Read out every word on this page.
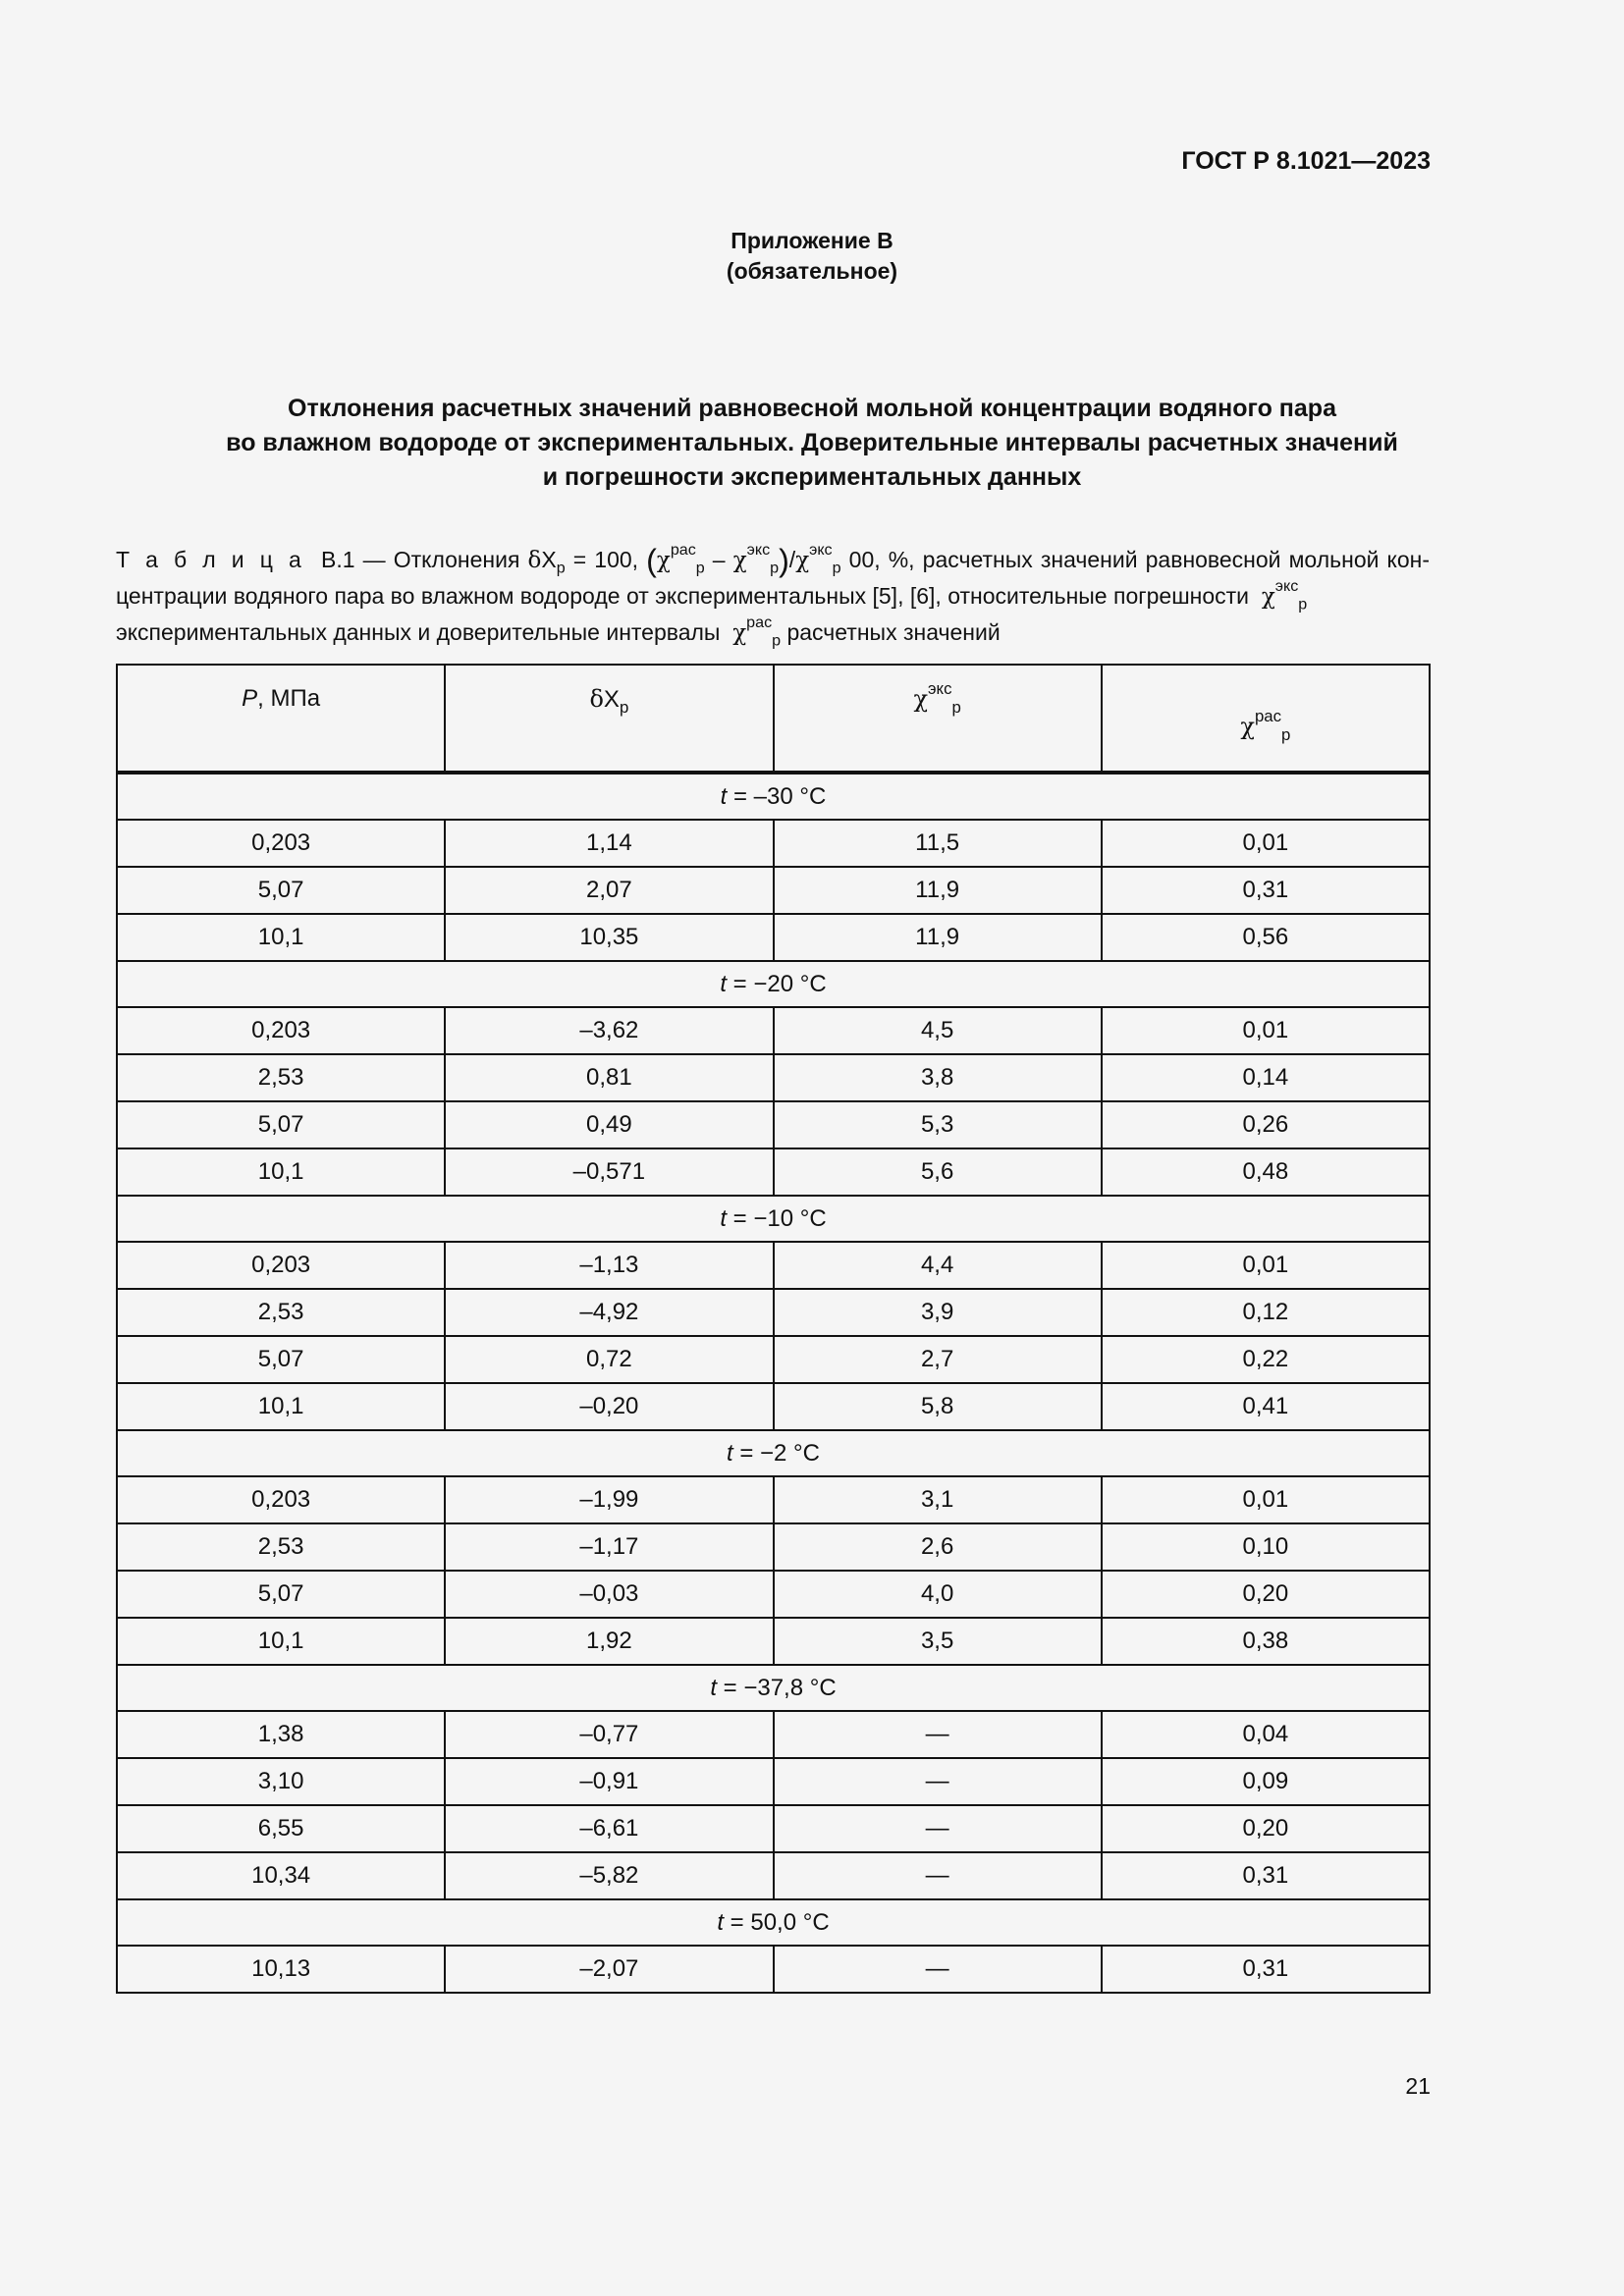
ГОСТ Р 8.1021—2023
Приложение В
(обязательное)
Отклонения расчетных значений равновесной мольной концентрации водяного пара
во влажном водороде от экспериментальных. Доверительные интервалы расчетных значений
и погрешности экспериментальных данных
Т а б л и ц а В.1 — Отклонения $\delta X_p = 100$, $(\chi^{рас}_р - \chi^{экс}_р)/\chi^{экс}_р$ 00, %, расчетных значений равновесной мольной кон-
центрации водяного пара во влажном водороде от экспериментальных [5], [6], относительные погрешности $\chi^{экс}_р$
экспериментальных данных и доверительные интервалы $\chi^{рас}_р$ расчетных значений
P, МПа	$\delta X_p$	$\chi^{экс}_р$	$\chi^{рас}_р$

t = –30 °C			
0,203	1,14	11,5	0,01
5,07	2,07	11,9	0,31
10,1	10,35	11,9	0,56
t = −20 °C			
0,203	–3,62	4,5	0,01
2,53	0,81	3,8	0,14
5,07	0,49	5,3	0,26
10,1	–0,571	5,6	0,48
t = −10 °C			
0,203	–1,13	4,4	0,01
2,53	–4,92	3,9	0,12
5,07	0,72	2,7	0,22
10,1	–0,20	5,8	0,41
t = −2 °C			
0,203	–1,99	3,1	0,01
2,53	–1,17	2,6	0,10
5,07	–0,03	4,0	0,20
10,1	1,92	3,5	0,38
t = −37,8 °C			
1,38	–0,77	—	0,04
3,10	–0,91	—	0,09
6,55	–6,61	—	0,20
10,34	–5,82	—	0,31
t = 50,0 °C			
10,13	–2,07	—	0,31
21
